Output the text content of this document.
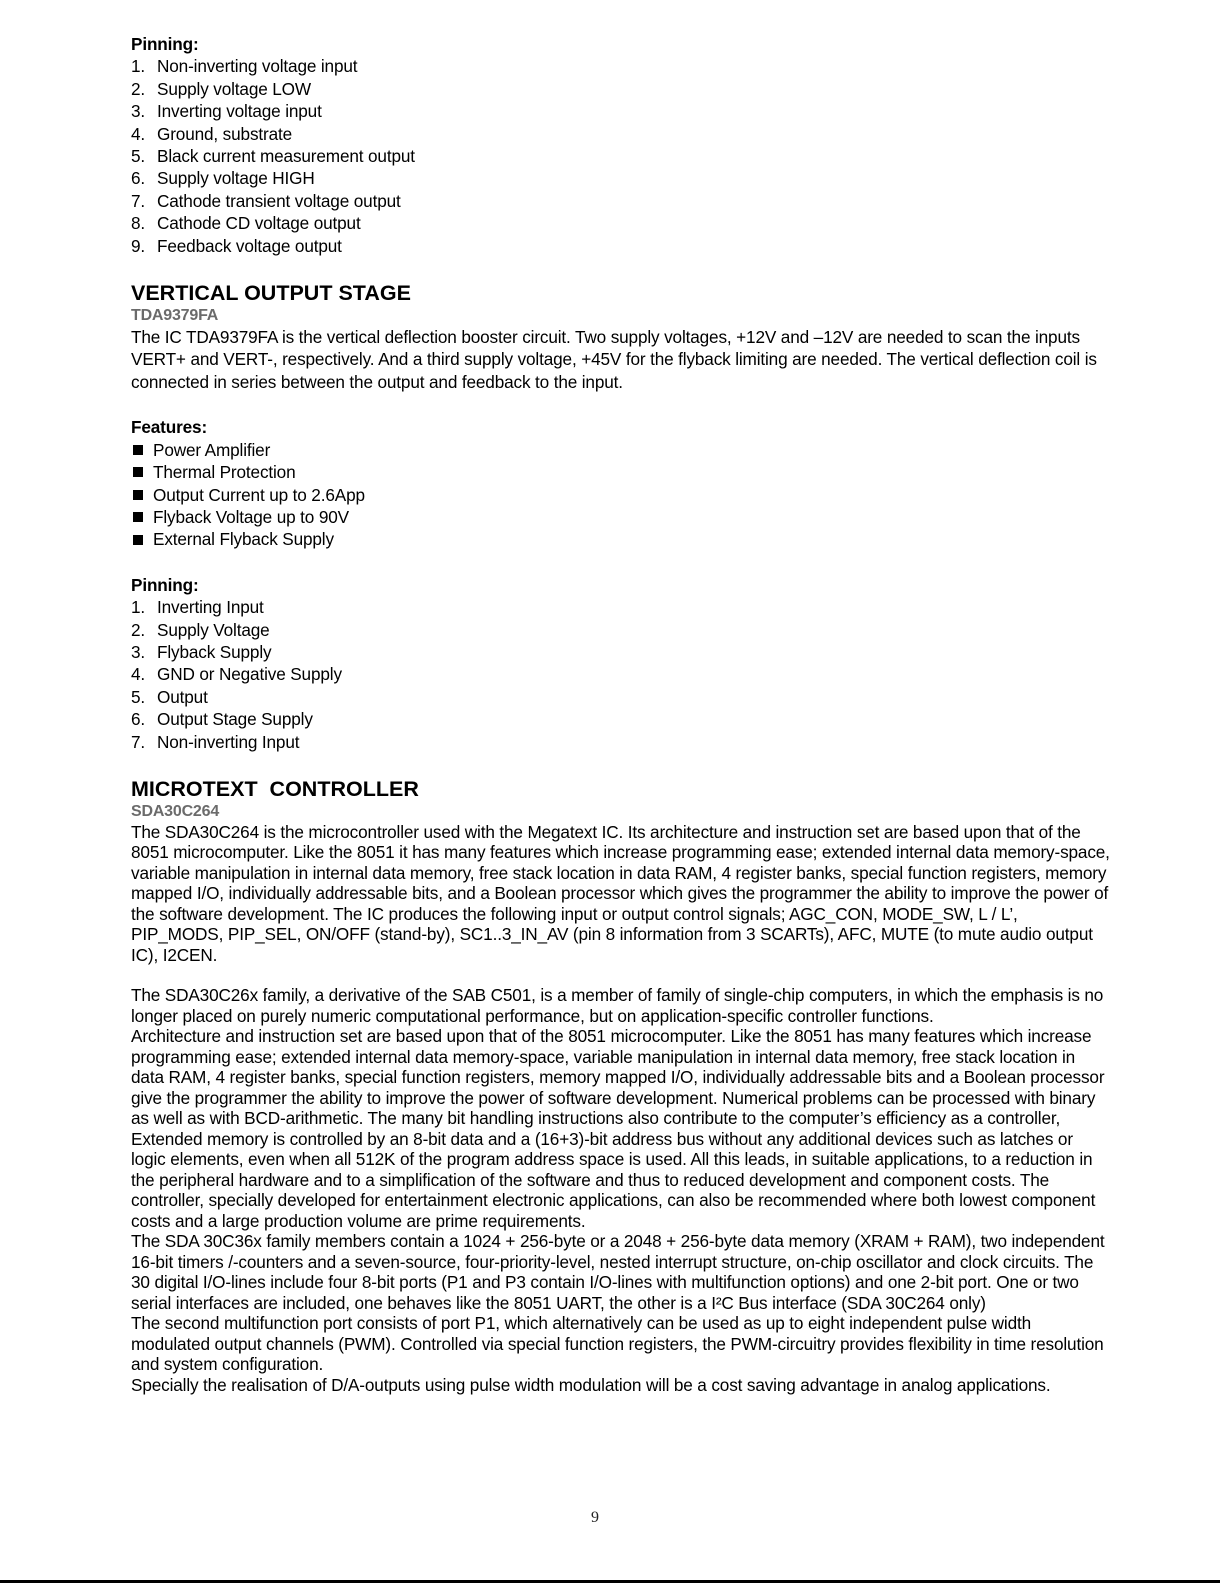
Pinning:

1. Non-inverting voltage input
2. Supply voltage LOW
3. Inverting voltage input
4. Ground, substrate
5. Black current measurement output
6. Supply voltage HIGH
7. Cathode transient voltage output
8. Cathode CD voltage output
9. Feedback voltage output
VERTICAL OUTPUT STAGE
TDA9379FA

The IC TDA9379FA is the vertical deflection booster circuit. Two supply voltages, +12V and –12V are needed to scan the inputs VERT+ and VERT-, respectively. And a third supply voltage, +45V for the flyback limiting are needed. The vertical deflection coil is connected in series between the output and feedback to the input.

Features:

Power Amplifier
Thermal Protection
Output Current up to 2.6App
Flyback Voltage up to 90V
External Flyback Supply

Pinning:

1. Inverting Input
2. Supply Voltage
3. Flyback Supply
4. GND or Negative Supply
5. Output
6. Output Stage Supply
7. Non-inverting Input
MICROTEXT  CONTROLLER
SDA30C264

The SDA30C264 is the microcontroller used with the Megatext IC. Its architecture and instruction set are based upon that of the 8051 microcomputer. Like the 8051 it has many features which increase programming ease; extended internal data memory-space, variable manipulation in internal data memory, free stack location in data RAM, 4 register banks, special function registers, memory mapped I/O, individually addressable bits, and a Boolean processor which gives the programmer the ability to improve the power of the software development. The IC produces the following input or output control signals; AGC_CON, MODE_SW, L / L’, PIP_MODS, PIP_SEL, ON/OFF (stand-by), SC1..3_IN_AV (pin 8 information from 3 SCARTs), AFC, MUTE (to mute audio output IC), I2CEN.

The SDA30C26x family, a derivative of the SAB C501, is a member of family of single-chip computers, in which the emphasis is no longer placed on purely numeric computational performance, but on application-specific controller functions.

Architecture and instruction set are based upon that of the 8051 microcomputer. Like the 8051 has many features which increase programming ease; extended internal data memory-space, variable manipulation in internal data memory, free stack location in data RAM, 4 register banks, special function registers, memory mapped I/O, individually addressable bits and a Boolean processor give the programmer the ability to improve the power of software development. Numerical problems can be processed with binary as well as with BCD-arithmetic. The many bit handling instructions also contribute to the computer’s efficiency as a controller, Extended memory is controlled by an 8-bit data and a (16+3)-bit address bus without any additional devices such as latches or logic elements, even when all 512K of the program address space is used. All this leads, in suitable applications, to a reduction in the peripheral hardware and to a simplification of the software and thus to reduced development and component costs. The controller, specially developed for entertainment electronic applications, can also be recommended where both lowest component costs and a large production volume are prime requirements.

The SDA 30C36x family members contain a 1024 + 256-byte or a 2048 + 256-byte data memory (XRAM + RAM), two independent 16-bit timers /-counters and a seven-source, four-priority-level, nested interrupt structure, on-chip oscillator and clock circuits. The 30 digital I/O-lines include four 8-bit ports (P1 and P3 contain I/O-lines with multifunction options) and one 2-bit port. One or two serial interfaces are included, one behaves like the 8051 UART, the other is a I²C Bus interface (SDA 30C264 only)

The second multifunction port consists of port P1, which alternatively can be used as up to eight independent pulse width modulated output channels (PWM). Controlled via special function registers, the PWM-circuitry provides flexibility in time resolution and system configuration.

Specially the realisation of D/A-outputs using pulse width modulation will be a cost saving advantage in analog applications.

9
